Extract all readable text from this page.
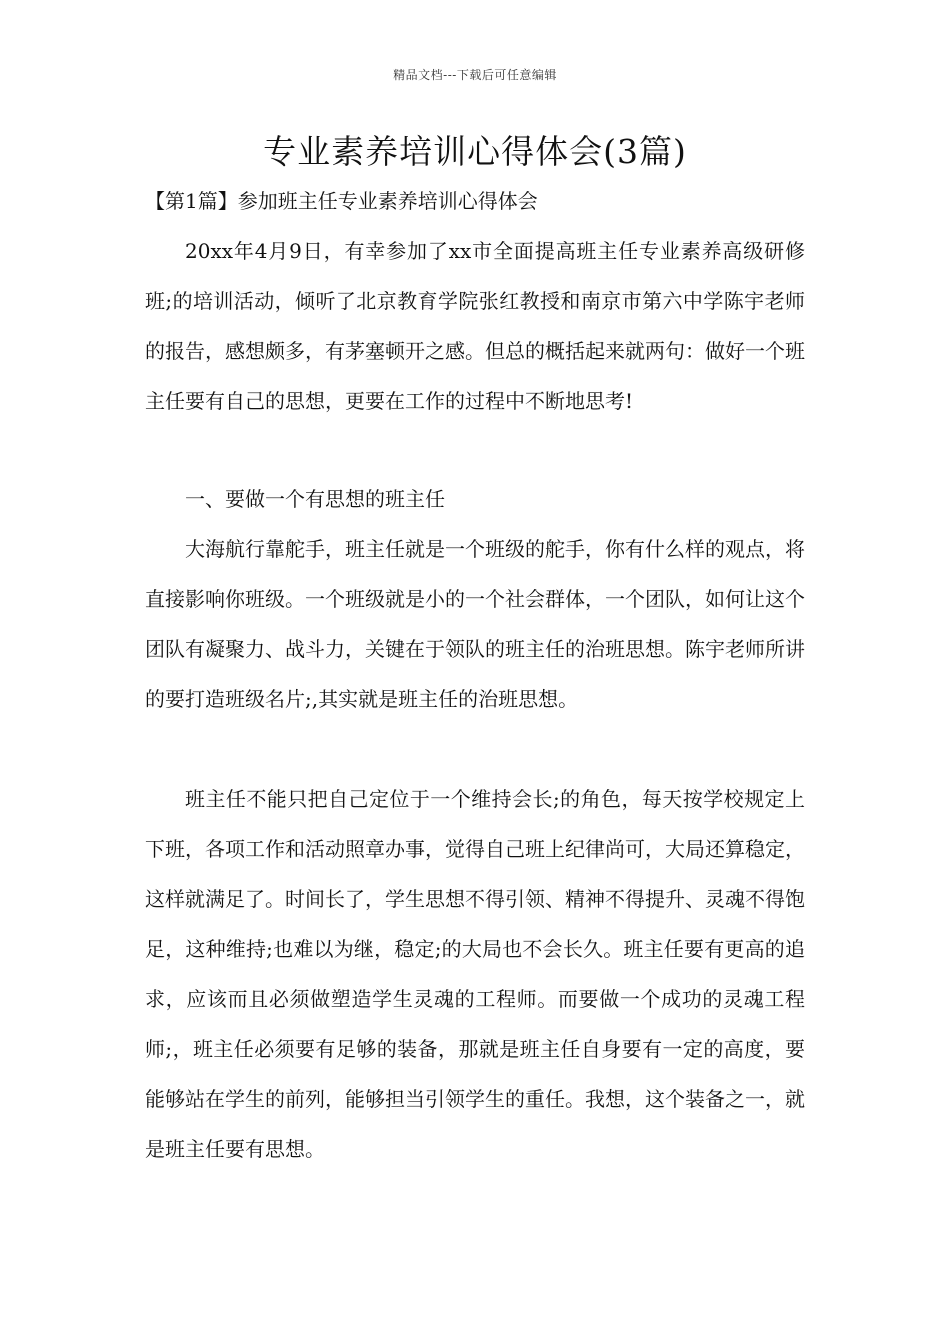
精品文档---下载后可任意编辑
专业素养培训心得体会(3篇)
【第1篇】参加班主任专业素养培训心得体会

20xx年4月9日，有幸参加了xx市全面提高班主任专业素养高级研修班;的培训活动，倾听了北京教育学院张红教授和南京市第六中学陈宇老师的报告，感想颇多，有茅塞顿开之感。但总的概括起来就两句：做好一个班主任要有自己的思想，更要在工作的过程中不断地思考!

一、要做一个有思想的班主任

大海航行靠舵手，班主任就是一个班级的舵手，你有什么样的观点，将直接影响你班级。一个班级就是小的一个社会群体，一个团队，如何让这个团队有凝聚力、战斗力，关键在于领队的班主任的治班思想。陈宇老师所讲的要打造班级名片;,其实就是班主任的治班思想。

班主任不能只把自己定位于一个维持会长;的角色，每天按学校规定上下班，各项工作和活动照章办事，觉得自己班上纪律尚可，大局还算稳定，这样就满足了。时间长了，学生思想不得引领、精神不得提升、灵魂不得饱足，这种维持;也难以为继，稳定;的大局也不会长久。班主任要有更高的追求，应该而且必须做塑造学生灵魂的工程师。而要做一个成功的灵魂工程师;，班主任必须要有足够的装备，那就是班主任自身要有一定的高度，要能够站在学生的前列，能够担当引领学生的重任。我想，这个装备之一，就是班主任要有思想。
